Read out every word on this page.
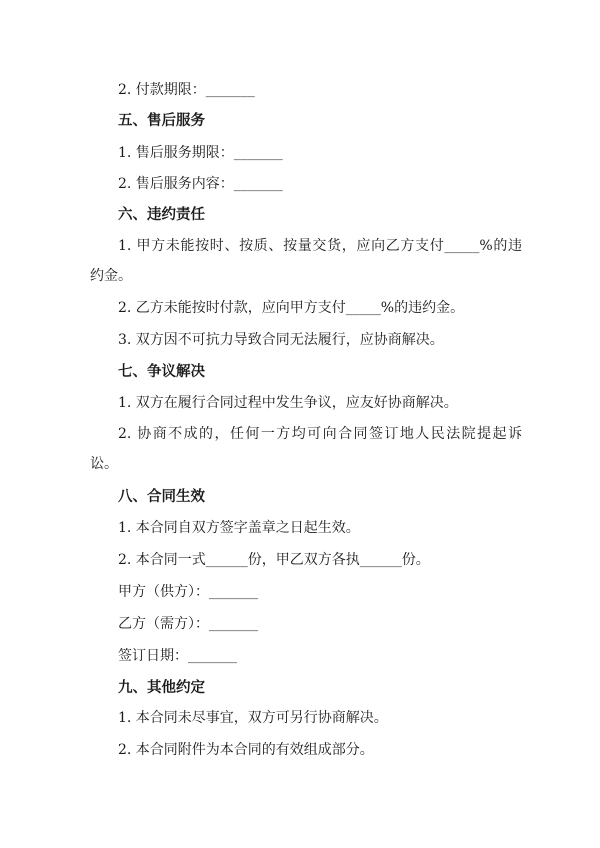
2. 付款期限：_______
五、售后服务
1. 售后服务期限：_______
2. 售后服务内容：_______
六、违约责任
1. 甲方未能按时、按质、按量交货，应向乙方支付_____%的违
约金。
2. 乙方未能按时付款，应向甲方支付_____%的违约金。
3. 双方因不可抗力导致合同无法履行，应协商解决。
七、争议解决
1. 双方在履行合同过程中发生争议，应友好协商解决。
2. 协商不成的，任何一方均可向合同签订地人民法院提起诉
讼。
八、合同生效
1. 本合同自双方签字盖章之日起生效。
2. 本合同一式______份，甲乙双方各执______份。
甲方（供方）：_______
乙方（需方）：_______
签订日期：_______
九、其他约定
1. 本合同未尽事宜，双方可另行协商解决。
2. 本合同附件为本合同的有效组成部分。
